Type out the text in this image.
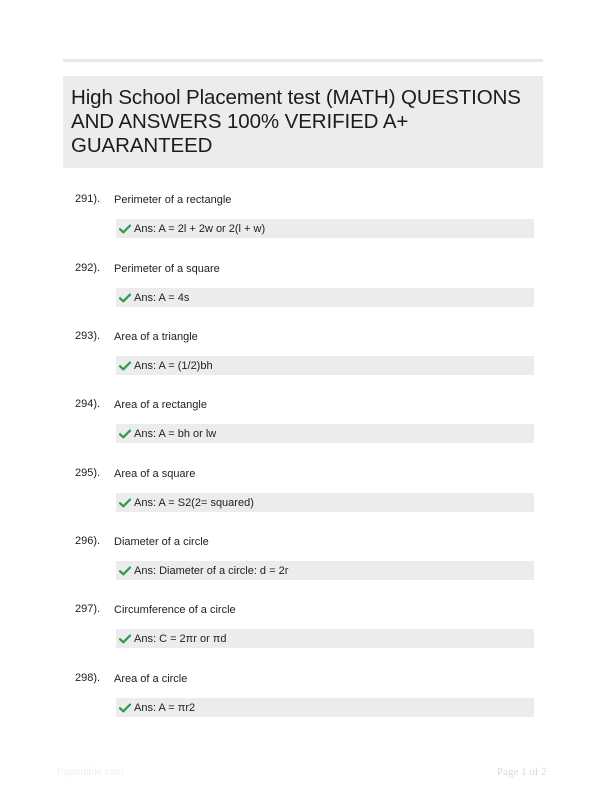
High School Placement test (MATH) QUESTIONS AND ANSWERS 100% VERIFIED A+ GUARANTEED
291). Perimeter of a rectangle
Ans: A = 2l + 2w or 2(l + w)
292). Perimeter of a square
Ans: A = 4s
293). Area of a triangle
Ans: A = (1/2)bh
294). Area of a rectangle
Ans: A = bh or lw
295). Area of a square
Ans: A = S2(2= squared)
296). Diameter of a circle
Ans: Diameter of a circle: d = 2r
297). Circumference of a circle
Ans: C = 2πr or πd
298). Area of a circle
Ans: A = πr2
Papertible.com	Page 1 of 2
